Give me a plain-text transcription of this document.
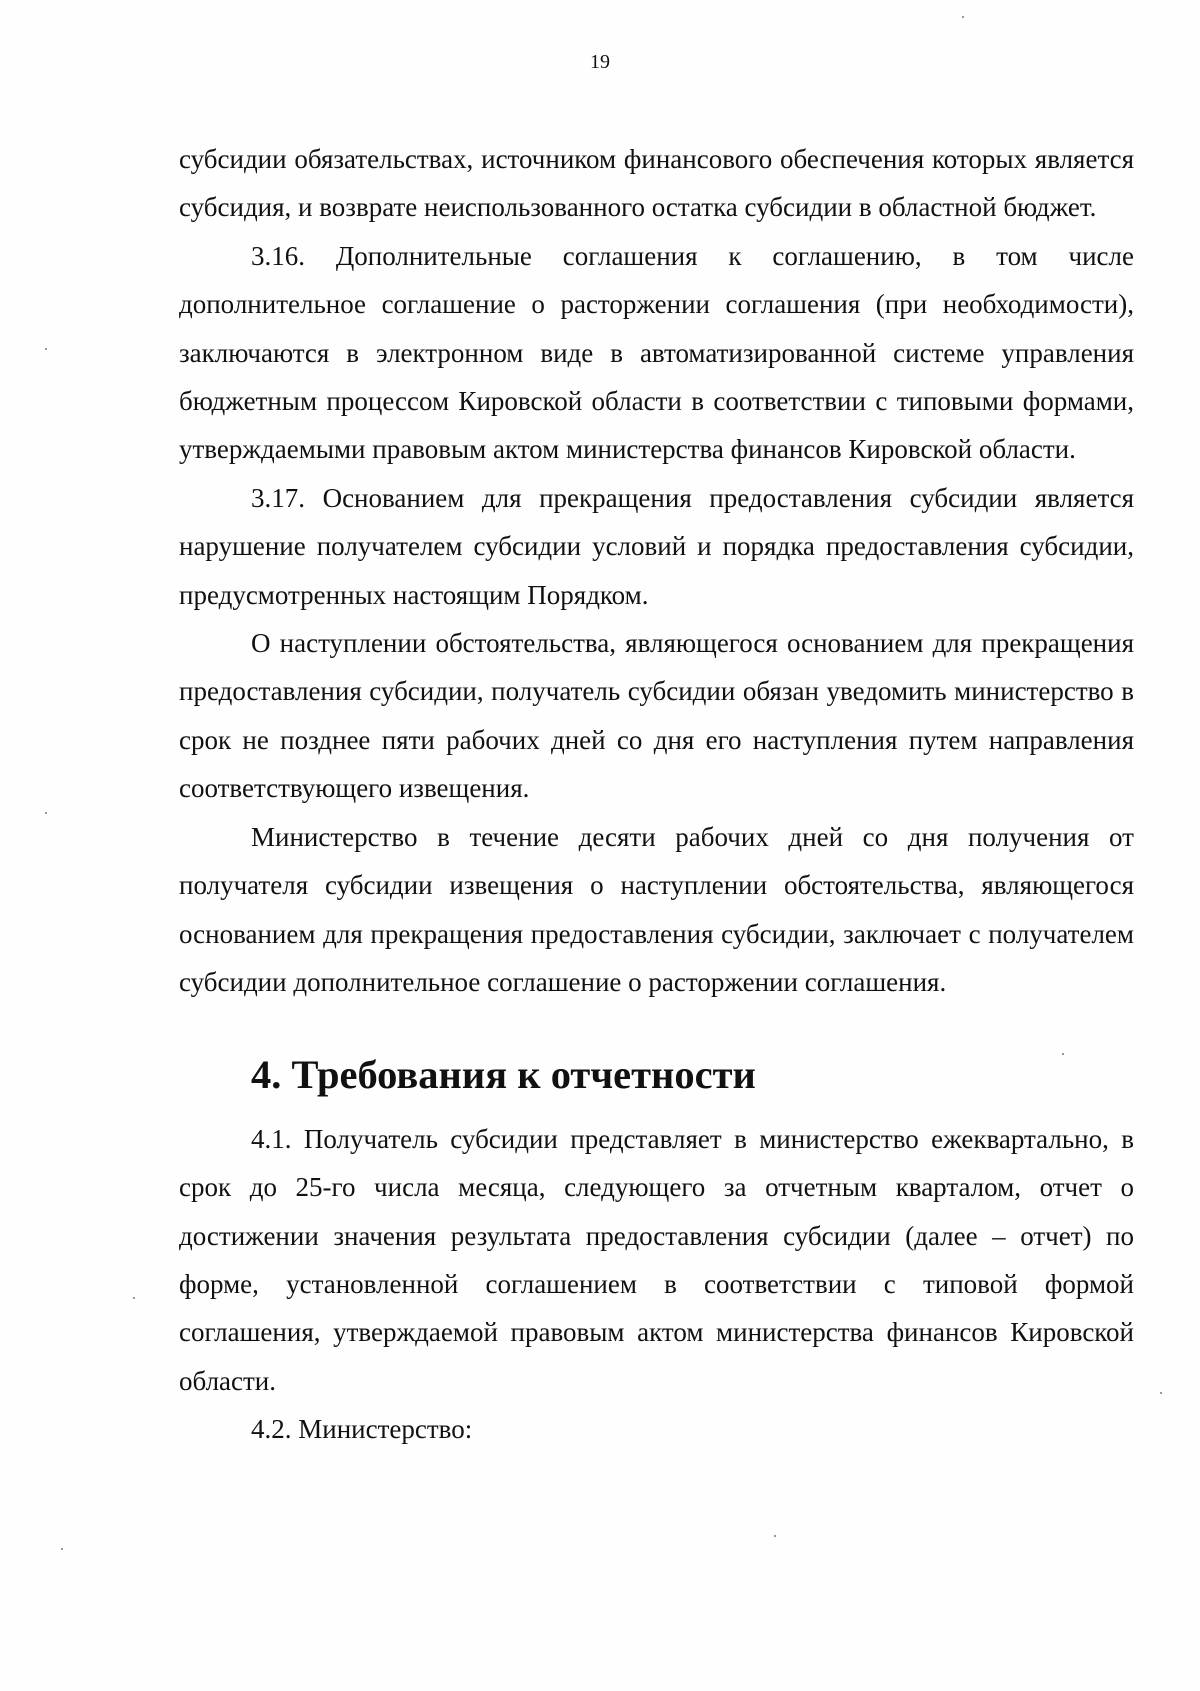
19

субсидии обязательствах, источником финансового обеспечения которых является субсидия, и возврате неиспользованного остатка субсидии в областной бюджет.

3.16. Дополнительные соглашения к соглашению, в том числе дополнительное соглашение о расторжении соглашения (при необходимости), заключаются в электронном виде в автоматизированной системе управления бюджетным процессом Кировской области в соответствии с типовыми формами, утверждаемыми правовым актом министерства финансов Кировской области.

3.17. Основанием для прекращения предоставления субсидии является нарушение получателем субсидии условий и порядка предоставления субсидии, предусмотренных настоящим Порядком.

О наступлении обстоятельства, являющегося основанием для прекращения предоставления субсидии, получатель субсидии обязан уведомить министерство в срок не позднее пяти рабочих дней со дня его наступления путем направления соответствующего извещения.

Министерство в течение десяти рабочих дней со дня получения от получателя субсидии извещения о наступлении обстоятельства, являющегося основанием для прекращения предоставления субсидии, заключает с получателем субсидии дополнительное соглашение о расторжении соглашения.

4. Требования к отчетности

4.1. Получатель субсидии представляет в министерство ежеквартально, в срок до 25-го числа месяца, следующего за отчетным кварталом, отчет о достижении значения результата предоставления субсидии (далее – отчет) по форме, установленной соглашением в соответствии с типовой формой соглашения, утверждаемой правовым актом министерства финансов Кировской области.

4.2. Министерство:
